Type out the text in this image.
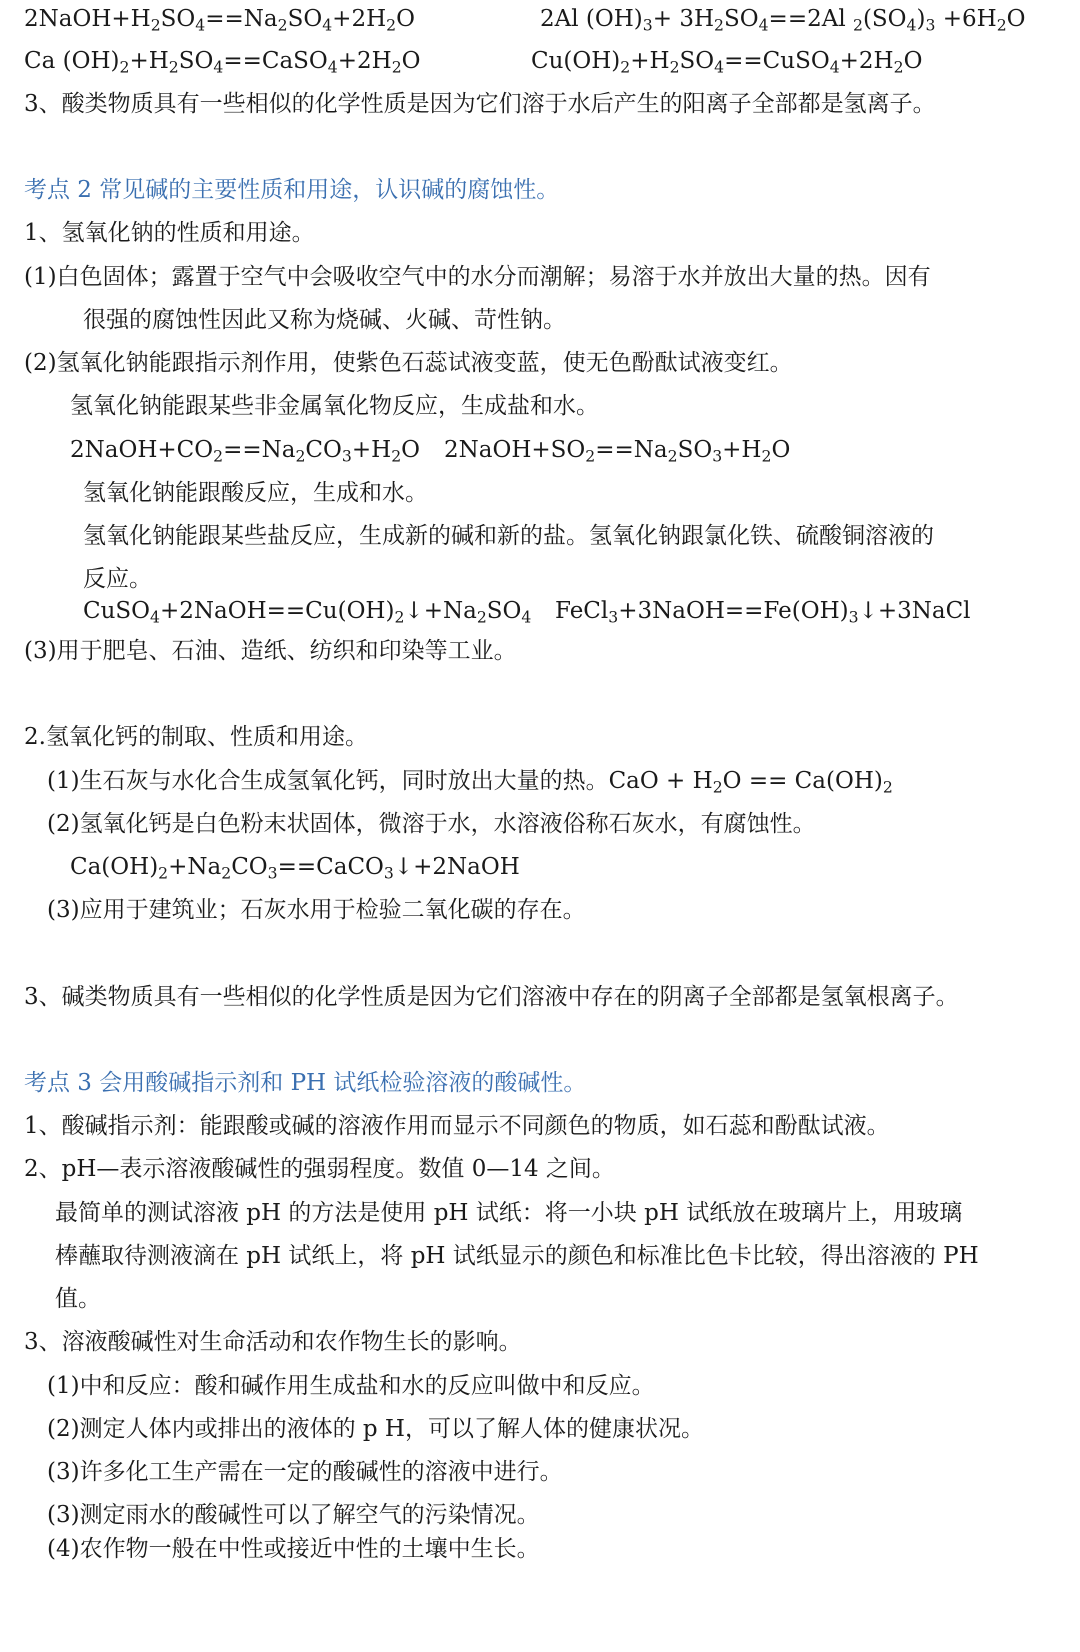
$2NaOH+H_2SO_4==Na_2SO_4+2H_2O$	2Al $(OH)_3+ 3H_2SO_4==2Al$ $_2(SO_4)_3 +6H_2O$
Ca $(OH)_2+H_2SO_4==CaSO_4+2H_2O$	$Cu(OH)_2+H_2SO_4==CuSO_4+2H_2O$
3、酸类物质具有一些相似的化学性质是因为它们溶于水后产生的阳离子全部都是氢离子。
考点 2 常见碱的主要性质和用途，认识碱的腐蚀性。
1、氢氧化钠的性质和用途。
(1)白色固体；露置于空气中会吸收空气中的水分而潮解；易溶于水并放出大量的热。因有
很强的腐蚀性因此又称为烧碱、火碱、苛性钠。
(2)氢氧化钠能跟指示剂作用，使紫色石蕊试液变蓝，使无色酚酞试液变红。
氢氧化钠能跟某些非金属氧化物反应，生成盐和水。
$2NaOH+CO_2==Na_2CO_3+H_2O$ $2NaOH+SO_2==Na_2SO_3+H_2O$
氢氧化钠能跟酸反应，生成和水。
氢氧化钠能跟某些盐反应，生成新的碱和新的盐。氢氧化钠跟氯化铁、硫酸铜溶液的
反应。
$CuSO_4+2NaOH==Cu(OH)_2↓+Na_2SO_4$ $FeCl_3+3NaOH==Fe(OH)_3↓+3NaCl$
(3)用于肥皂、石油、造纸、纺织和印染等工业。
2.氢氧化钙的制取、性质和用途。
(1)生石灰与水化合生成氢氧化钙，同时放出大量的热。CaO + $H_2O == Ca(OH)_2$
(2)氢氧化钙是白色粉末状固体，微溶于水，水溶液俗称石灰水，有腐蚀性。
$Ca(OH)_2+Na_2CO_3==CaCO_3↓+2NaOH$
(3)应用于建筑业；石灰水用于检验二氧化碳的存在。
3、碱类物质具有一些相似的化学性质是因为它们溶液中存在的阴离子全部都是氢氧根离子。
考点 3 会用酸碱指示剂和 PH 试纸检验溶液的酸碱性。
1、酸碱指示剂：能跟酸或碱的溶液作用而显示不同颜色的物质，如石蕊和酚酞试液。
2、pH—表示溶液酸碱性的强弱程度。数值 0—14 之间。
最简单的测试溶液 pH 的方法是使用 pH 试纸：将一小块 pH 试纸放在玻璃片上，用玻璃
棒蘸取待测液滴在 pH 试纸上，将 pH 试纸显示的颜色和标准比色卡比较，得出溶液的 PH
值。
3、溶液酸碱性对生命活动和农作物生长的影响。
(1)中和反应：酸和碱作用生成盐和水的反应叫做中和反应。
(2)测定人体内或排出的液体的 p H，可以了解人体的健康状况。
(3)许多化工生产需在一定的酸碱性的溶液中进行。
(3)测定雨水的酸碱性可以了解空气的污染情况。
(4)农作物一般在中性或接近中性的土壤中生长。
